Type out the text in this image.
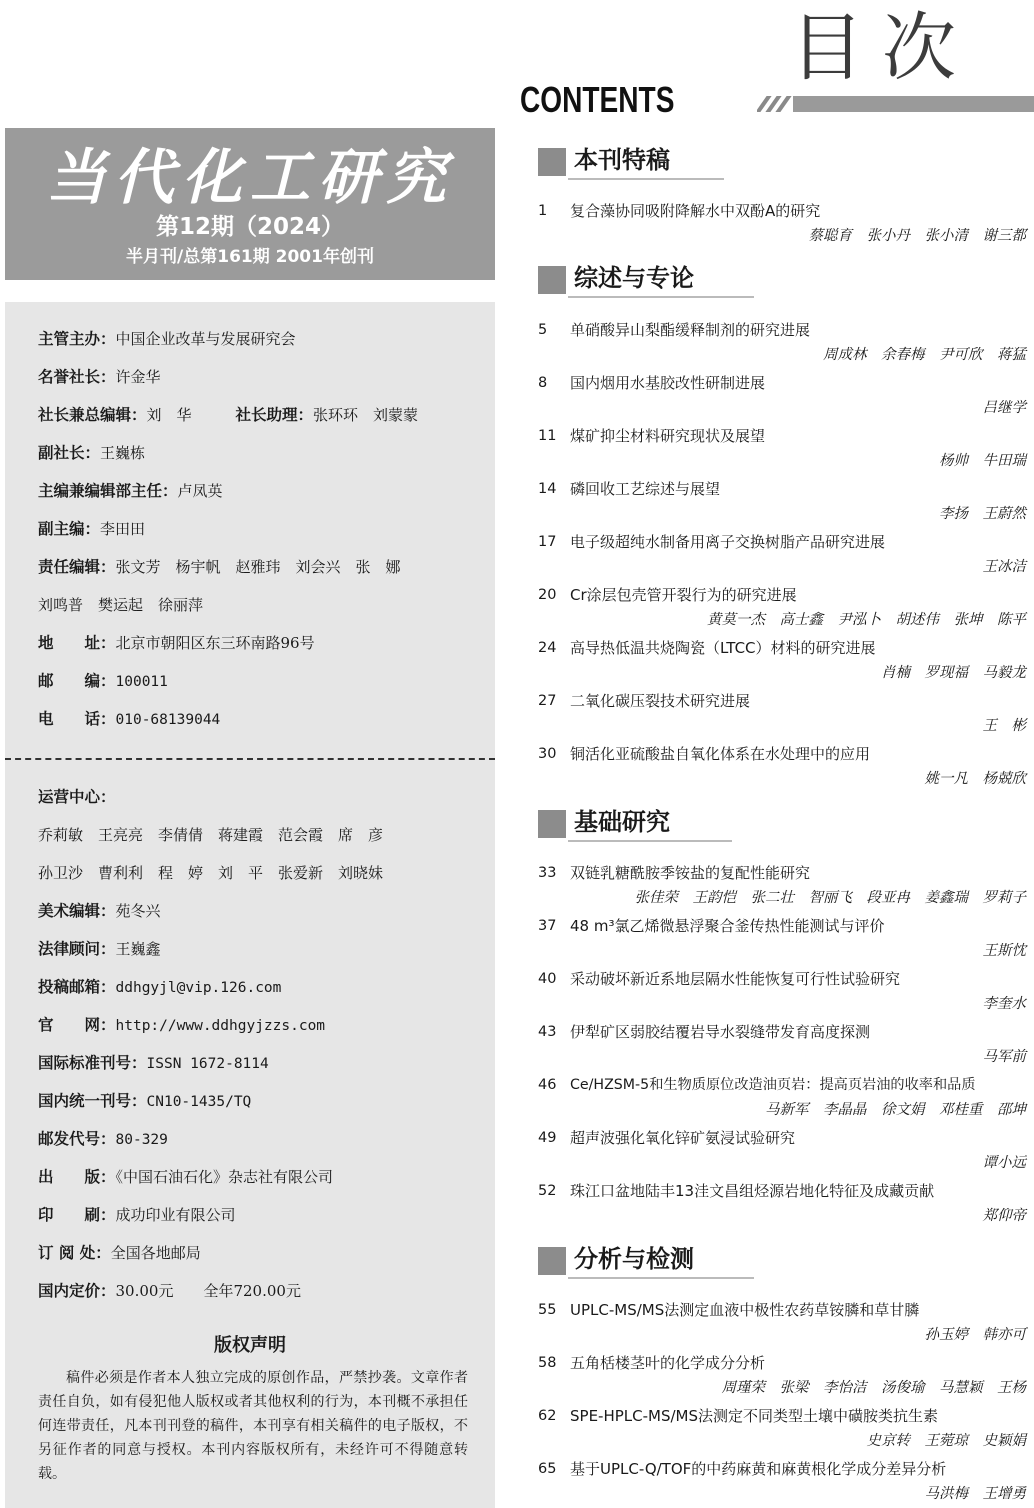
目次
CONTENTS
当代化工研究
第12期（2024）
半月刊/总第161期 2001年创刊
主管主办：中国企业改革与发展研究会
名誉社长：许金华
社长兼总编辑：刘　华	社长助理：张环环　刘蒙蒙
副社长：王巍栋
主编兼编辑部主任：卢凤英
副主编：李田田
责任编辑：张文芳　杨宇帆　赵雅玮　刘会兴　张　娜
刘鸣普　樊运起　徐丽萍
地　　址：北京市朝阳区东三环南路96号
邮　　编：100011
电　　话：010-68139044
运营中心：
乔莉敏　王亮亮　李倩倩　蒋建霞　范会霞　席　彦
孙卫沙　曹利利　程　婷　刘　平　张爱新　刘晓妹
美术编辑：苑冬兴
法律顾问：王巍鑫
投稿邮箱：ddhgyjl@vip.126.com
官　　网：http://www.ddhgyjzzs.com
国际标准刊号：ISSN 1672-8114
国内统一刊号：CN10-1435/TQ
邮发代号：80-329
出　　版：《中国石油石化》杂志社有限公司
印　　刷：成功印业有限公司
订 阅 处：全国各地邮局
国内定价：30.00元　　全年720.00元
版权声明
稿件必须是作者本人独立完成的原创作品，严禁抄袭。文章作者责任自负，如有侵犯他人版权或者其他权利的行为，本刊概不承担任何连带责任，凡本刊刊登的稿件，本刊享有相关稿件的电子版权，不另征作者的同意与授权。本刊内容版权所有，未经许可不得随意转载。
本刊特稿
1	复合藻协同吸附降解水中双酚A的研究
蔡聪育　张小丹　张小清　谢三都
综述与专论
5	单硝酸异山梨酯缓释制剂的研究进展
周成林　余春梅　尹可欣　蒋猛
8	国内烟用水基胶改性研制进展
吕继学
11 煤矿抑尘材料研究现状及展望
杨帅　牛田瑞
14 磷回收工艺综述与展望
李扬　王蔚然
17 电子级超纯水制备用离子交换树脂产品研究进展
王冰洁
20 Cr涂层包壳管开裂行为的研究进展
黄莫一杰　高士鑫　尹泓卜　胡述伟　张坤　陈平
24 高导热低温共烧陶瓷（LTCC）材料的研究进展
肖楠　罗现福　马毅龙
27 二氧化碳压裂技术研究进展
王　彬
30 铜活化亚硫酸盐自氧化体系在水处理中的应用
姚一凡　杨兢欣
基础研究
33 双链乳糖酰胺季铵盐的复配性能研究
张佳荣　王韵恺　张二壮　智丽飞　段亚冉　姜鑫瑞　罗莉子
37 48 m³氯乙烯微悬浮聚合釜传热性能测试与评价
王斯忱
40 采动破坏新近系地层隔水性能恢复可行性试验研究
李奎水
43 伊犁矿区弱胶结覆岩导水裂缝带发育高度探测
马军前
46 Ce/HZSM-5和生物质原位改造油页岩：提高页岩油的收率和品质
马新军　李晶晶　徐文娟　邓桂重　邵坤
49 超声波强化氧化锌矿氨浸试验研究
谭小远
52 珠江口盆地陆丰13洼文昌组烃源岩地化特征及成藏贡献
郑仰帝
分析与检测
55 UPLC-MS/MS法测定血液中极性农药草铵膦和草甘膦
孙玉婷　韩亦可
58 五角栝楼茎叶的化学成分分析
周瑾荣　张梁　李怡洁　汤俊瑜　马慧颖　王杨
62 SPE-HPLC-MS/MS法测定不同类型土壤中磺胺类抗生素
史京转　王菀琼　史颖娟
65 基于UPLC-Q/TOF的中药麻黄和麻黄根化学成分差异分析
马洪梅　王增勇
